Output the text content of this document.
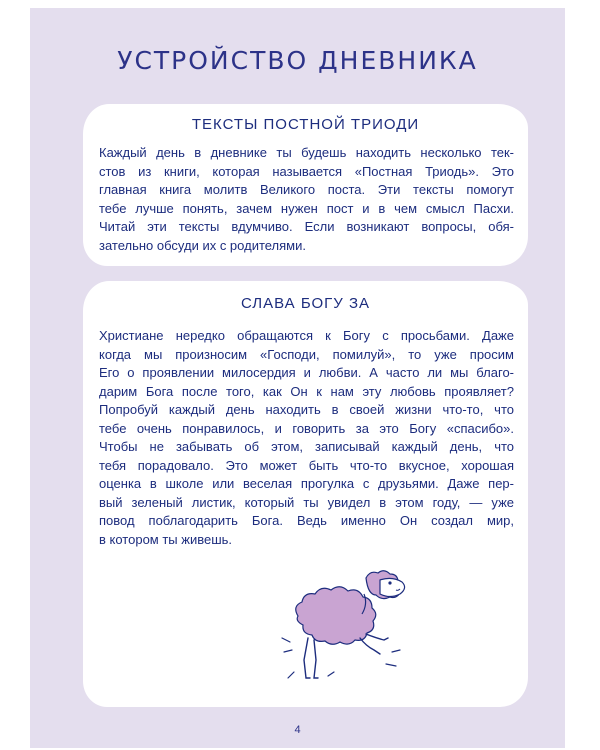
УСТРОЙСТВО ДНЕВНИКА
ТЕКСТЫ ПОСТНОЙ ТРИОДИ
Каждый день в дневнике ты будешь находить несколько тек-
стов из книги, которая называется «Постная Триодь». Это
главная книга молитв Великого поста. Эти тексты помогут
тебе лучше понять, зачем нужен пост и в чем смысл Пасхи.
Читай эти тексты вдумчиво. Если возникают вопросы, обя-
зательно обсуди их с родителями.
СЛАВА БОГУ ЗА
Христиане нередко обращаются к Богу с просьбами. Даже
когда мы произносим «Господи, помилуй», то уже просим
Его о проявлении милосердия и любви. А часто ли мы благо-
дарим Бога после того, как Он к нам эту любовь проявляет?
Попробуй каждый день находить в своей жизни что-то, что
тебе очень понравилось, и говорить за это Богу «спасибо».
Чтобы не забывать об этом, записывай каждый день, что
тебя порадовало. Это может быть что-то вкусное, хорошая
оценка в школе или веселая прогулка с друзьями. Даже пер-
вый зеленый листик, который ты увидел в этом году, — уже
повод поблагодарить Бога. Ведь именно Он создал мир,
в котором ты живешь.
4
